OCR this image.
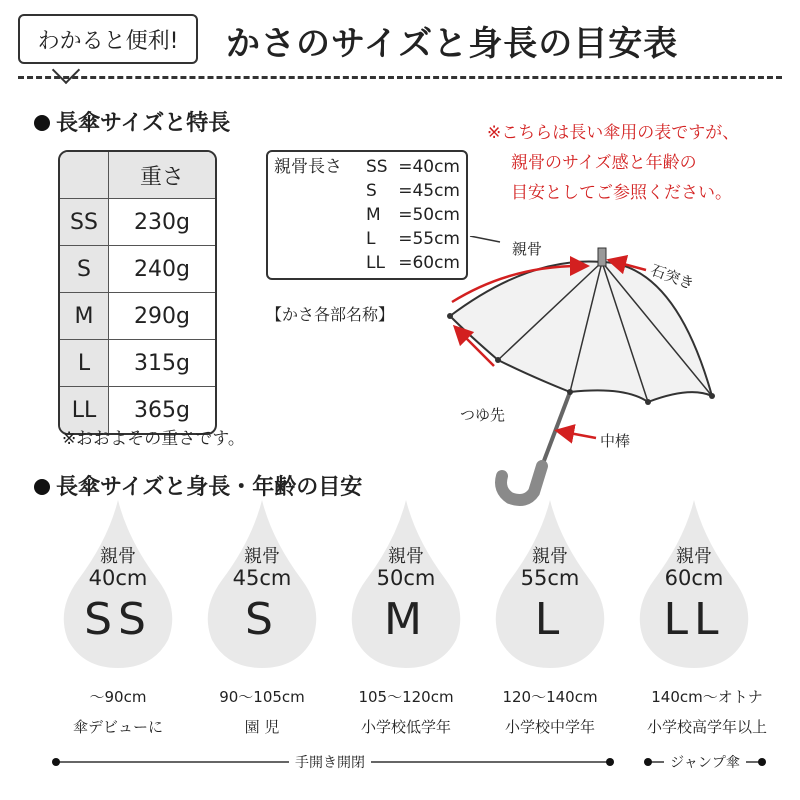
わかると便利!	かさのサイズと身長の目安表
長傘サイズと特長
	重さ
SS	230g
S	240g
M	290g
L	315g
LL	365g
※おおよその重さです。
親骨長さ	SS =40cm
S	=45cm
M	=50cm
L	=55cm
LL =60cm
【かさ各部名称】
※こちらは長い傘用の表ですが、
親骨のサイズ感と年齢の
目安としてご参照ください。
親骨
石突き
つゆ先
中棒
長傘サイズと身長・年齢の目安
親骨
40cm
SS
親骨
45cm
S
親骨
50cm
M
親骨
55cm
L
親骨
60cm
LL
～90cm
傘デビューに
90～105cm
園 児
105～120cm
小学校低学年
120～140cm
小学校中学年
140cm～オトナ
小学校高学年以上
手開き開閉	ジャンプ傘
